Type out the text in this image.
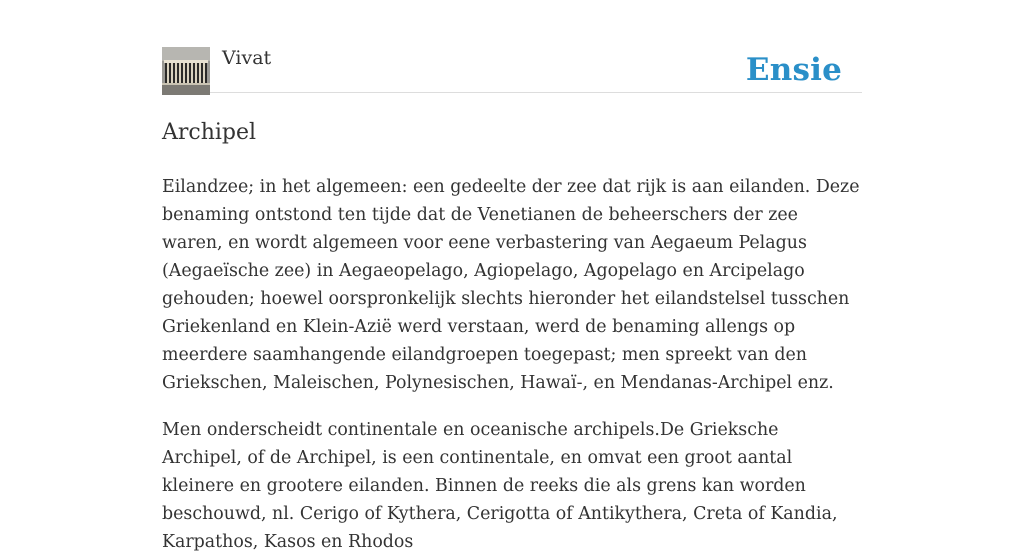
Vivat	Ensie
Archipel

Eilandzee; in het algemeen: een gedeelte der zee dat rijk is aan eilanden. Deze benaming ontstond ten tijde dat de Venetianen de beheerschers der zee waren, en wordt algemeen voor eene verbastering van Aegaeum Pelagus (Aegaeïsche zee) in Aegaeopelago, Agiopelago, Agopelago en Arcipelago gehouden; hoewel oorspronkelijk slechts hieronder het eilandstelsel tusschen Griekenland en Klein-Azië werd verstaan, werd de benaming allengs op meerdere saamhangende eilandgroepen toegepast; men spreekt van den Griekschen, Maleischen, Polynesischen, Hawaï-, en Mendanas-Archipel enz.

Men onderscheidt continentale en oceanische archipels.De Grieksche Archipel, of de Archipel, is een continentale, en omvat een groot aantal kleinere en grootere eilanden. Binnen de reeks die als grens kan worden beschouwd, nl. Cerigo of Kythera, Cerigotta of Antikythera, Creta of Kandia, Karpathos, Kasos en Rhodos
